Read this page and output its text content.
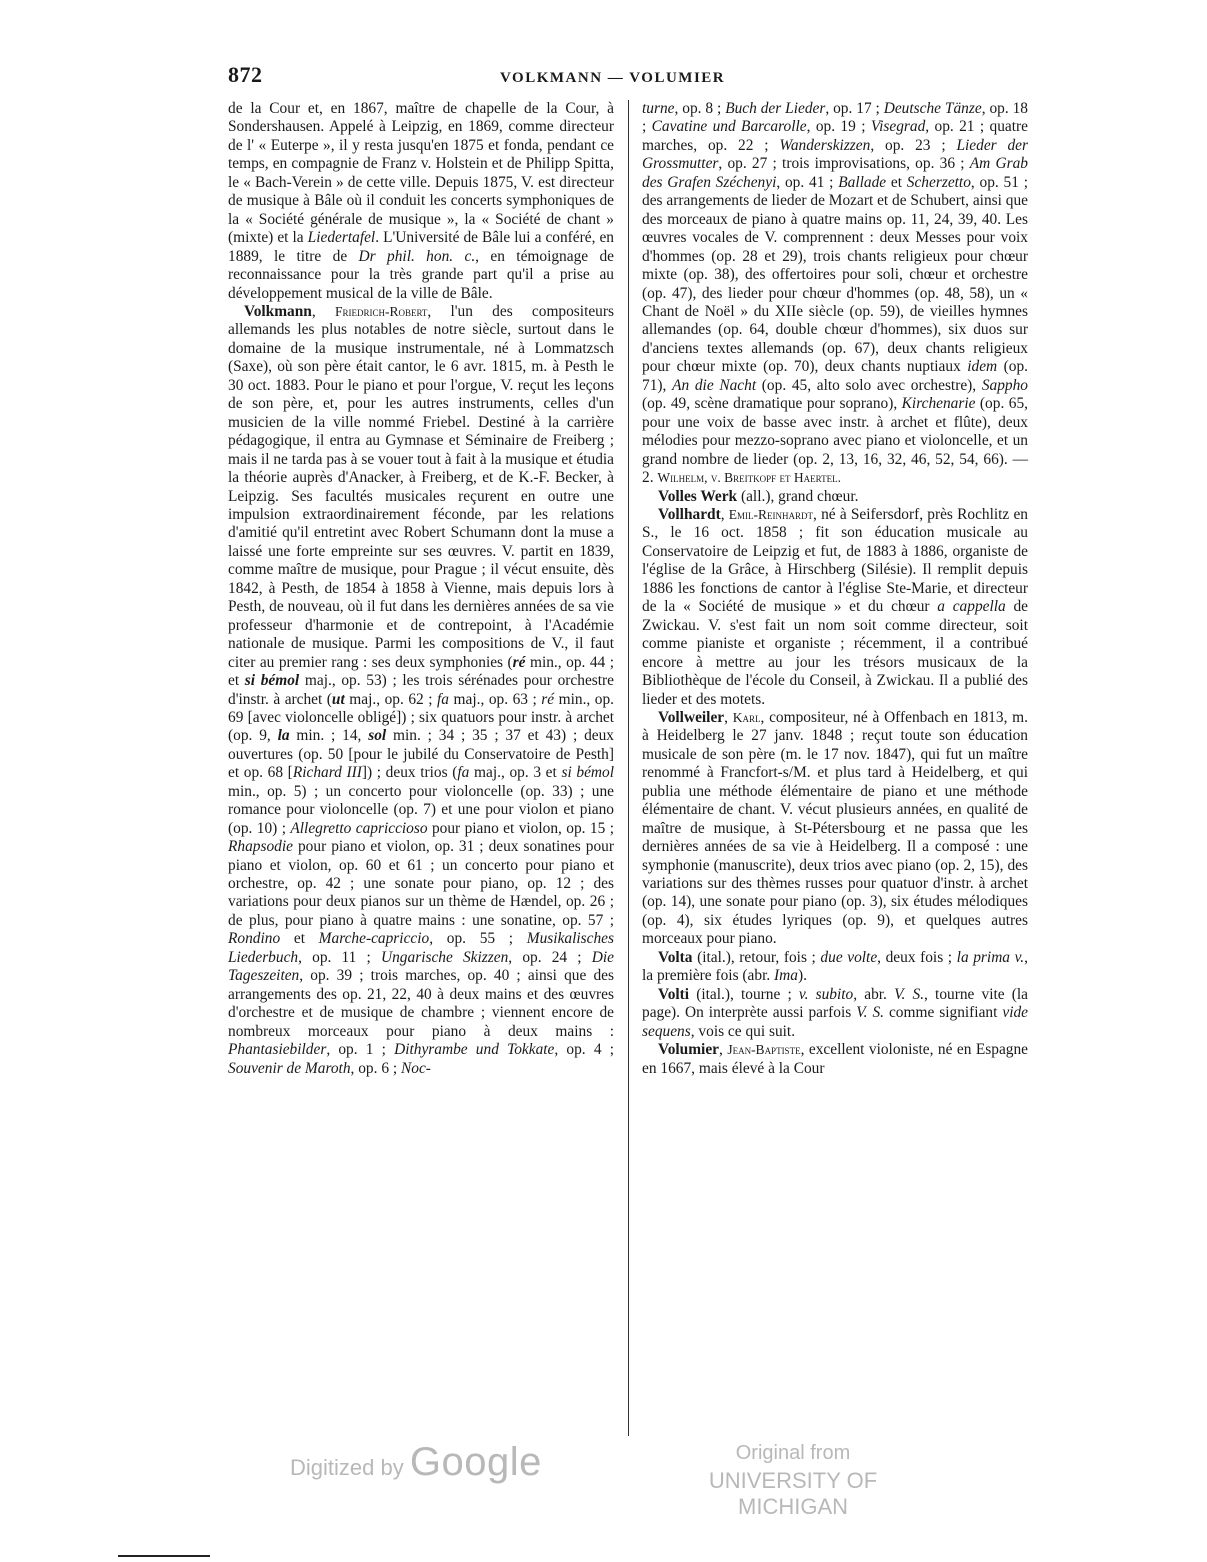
872	VOLKMANN — VOLUMIER

de la Cour et, en 1867, maître de chapelle de la Cour, à Sondershausen. Appelé à Leipzig, en 1869, comme directeur de l' « Euterpe », il y resta jusqu'en 1875 et fonda, pendant ce temps, en compagnie de Franz v. Holstein et de Philipp Spitta, le « Bach-Verein » de cette ville. Depuis 1875, V. est directeur de musique à Bâle où il conduit les concerts symphoniques de la « Société générale de musique », la « Société de chant » (mixte) et la Liedertafel. L'Université de Bâle lui a conféré, en 1889, le titre de Dr phil. hon. c., en témoignage de reconnaissance pour la très grande part qu'il a prise au développement musical de la ville de Bâle.

Volkmann, Friedrich-Robert, l'un des compositeurs allemands les plus notables de notre siècle, surtout dans le domaine de la musique instrumentale, né à Lommatzsch (Saxe), où son père était cantor, le 6 avr. 1815, m. à Pesth le 30 oct. 1883. Pour le piano et pour l'orgue, V. reçut les leçons de son père, et, pour les autres instruments, celles d'un musicien de la ville nommé Friebel. Destiné à la carrière pédagogique, il entra au Gymnase et Séminaire de Freiberg ; mais il ne tarda pas à se vouer tout à fait à la musique et étudia la théorie auprès d'Anacker, à Freiberg, et de K.-F. Becker, à Leipzig. Ses facultés musicales reçurent en outre une impulsion extraordinairement féconde, par les relations d'amitié qu'il entretint avec Robert Schumann dont la muse a laissé une forte empreinte sur ses œuvres. V. partit en 1839, comme maître de musique, pour Prague ; il vécut ensuite, dès 1842, à Pesth, de 1854 à 1858 à Vienne, mais depuis lors à Pesth, de nouveau, où il fut dans les dernières années de sa vie professeur d'harmonie et de contrepoint, à l'Académie nationale de musique. Parmi les compositions de V., il faut citer au premier rang : ses deux symphonies (ré min., op. 44 ; et si bémol maj., op. 53) ; les trois sérénades pour orchestre d'instr. à archet (ut maj., op. 62 ; fa maj., op. 63 ; ré min., op. 69 [avec violoncelle obligé]) ; six quatuors pour instr. à archet (op. 9, la min. ; 14, sol min. ; 34 ; 35 ; 37 et 43) ; deux ouvertures (op. 50 [pour le jubilé du Conservatoire de Pesth] et op. 68 [Richard III]) ; deux trios (fa maj., op. 3 et si bémol min., op. 5) ; un concerto pour violoncelle (op. 33) ; une romance pour violoncelle (op. 7) et une pour violon et piano (op. 10) ; Allegretto capriccioso pour piano et violon, op. 15 ; Rhapsodie pour piano et violon, op. 31 ; deux sonatines pour piano et violon, op. 60 et 61 ; un concerto pour piano et orchestre, op. 42 ; une sonate pour piano, op. 12 ; des variations pour deux pianos sur un thème de Hændel, op. 26 ; de plus, pour piano à quatre mains : une sonatine, op. 57 ; Rondino et Marche-capriccio, op. 55 ; Musikalisches Liederbuch, op. 11 ; Ungarische Skizzen, op. 24 ; Die Tageszeiten, op. 39 ; trois marches, op. 40 ; ainsi que des arrangements des op. 21, 22, 40 à deux mains et des œuvres d'orchestre et de musique de chambre ; viennent encore de nombreux morceaux pour piano à deux mains : Phantasiebilder, op. 1 ; Dithyrambe und Tokkate, op. 4 ; Souvenir de Maroth, op. 6 ; Noc-

turne, op. 8 ; Buch der Lieder, op. 17 ; Deutsche Tänze, op. 18 ; Cavatine und Barcarolle, op. 19 ; Visegrad, op. 21 ; quatre marches, op. 22 ; Wanderskizzen, op. 23 ; Lieder der Grossmutter, op. 27 ; trois improvisations, op. 36 ; Am Grab des Grafen Széchenyi, op. 41 ; Ballade et Scherzetto, op. 51 ; des arrangements de lieder de Mozart et de Schubert, ainsi que des morceaux de piano à quatre mains op. 11, 24, 39, 40. Les œuvres vocales de V. comprennent : deux Messes pour voix d'hommes (op. 28 et 29), trois chants religieux pour chœur mixte (op. 38), des offertoires pour soli, chœur et orchestre (op. 47), des lieder pour chœur d'hommes (op. 48, 58), un « Chant de Noël » du XIIe siècle (op. 59), de vieilles hymnes allemandes (op. 64, double chœur d'hommes), six duos sur d'anciens textes allemands (op. 67), deux chants religieux pour chœur mixte (op. 70), deux chants nuptiaux idem (op. 71), An die Nacht (op. 45, alto solo avec orchestre), Sappho (op. 49, scène dramatique pour soprano), Kirchenarie (op. 65, pour une voix de basse avec instr. à archet et flûte), deux mélodies pour mezzo-soprano avec piano et violoncelle, et un grand nombre de lieder (op. 2, 13, 16, 32, 46, 52, 54, 66). — 2. Wilhelm, v. Breitkopf et Haertel.

Volles Werk (all.), grand chœur.

Vollhardt, Emil-Reinhardt, né à Seifersdorf, près Rochlitz en S., le 16 oct. 1858 ; fit son éducation musicale au Conservatoire de Leipzig et fut, de 1883 à 1886, organiste de l'église de la Grâce, à Hirschberg (Silésie). Il remplit depuis 1886 les fonctions de cantor à l'église Ste-Marie, et directeur de la « Société de musique » et du chœur a cappella de Zwickau. V. s'est fait un nom soit comme directeur, soit comme pianiste et organiste ; récemment, il a contribué encore à mettre au jour les trésors musicaux de la Bibliothèque de l'école du Conseil, à Zwickau. Il a publié des lieder et des motets.

Vollweiler, Karl, compositeur, né à Offenbach en 1813, m. à Heidelberg le 27 janv. 1848 ; reçut toute son éducation musicale de son père (m. le 17 nov. 1847), qui fut un maître renommé à Francfort-s/M. et plus tard à Heidelberg, et qui publia une méthode élémentaire de piano et une méthode élémentaire de chant. V. vécut plusieurs années, en qualité de maître de musique, à St-Pétersbourg et ne passa que les dernières années de sa vie à Heidelberg. Il a composé : une symphonie (manuscrite), deux trios avec piano (op. 2, 15), des variations sur des thèmes russes pour quatuor d'instr. à archet (op. 14), une sonate pour piano (op. 3), six études mélodiques (op. 4), six études lyriques (op. 9), et quelques autres morceaux pour piano.

Volta (ital.), retour, fois ; due volte, deux fois ; la prima v., la première fois (abr. Ima).

Volti (ital.), tourne ; v. subito, abr. V. S., tourne vite (la page). On interprète aussi parfois V. S. comme signifiant vide sequens, vois ce qui suit.

Volumier, Jean-Baptiste, excellent violoniste, né en Espagne en 1667, mais élevé à la Cour

Digitized by Google	Original from
UNIVERSITY OF MICHIGAN
